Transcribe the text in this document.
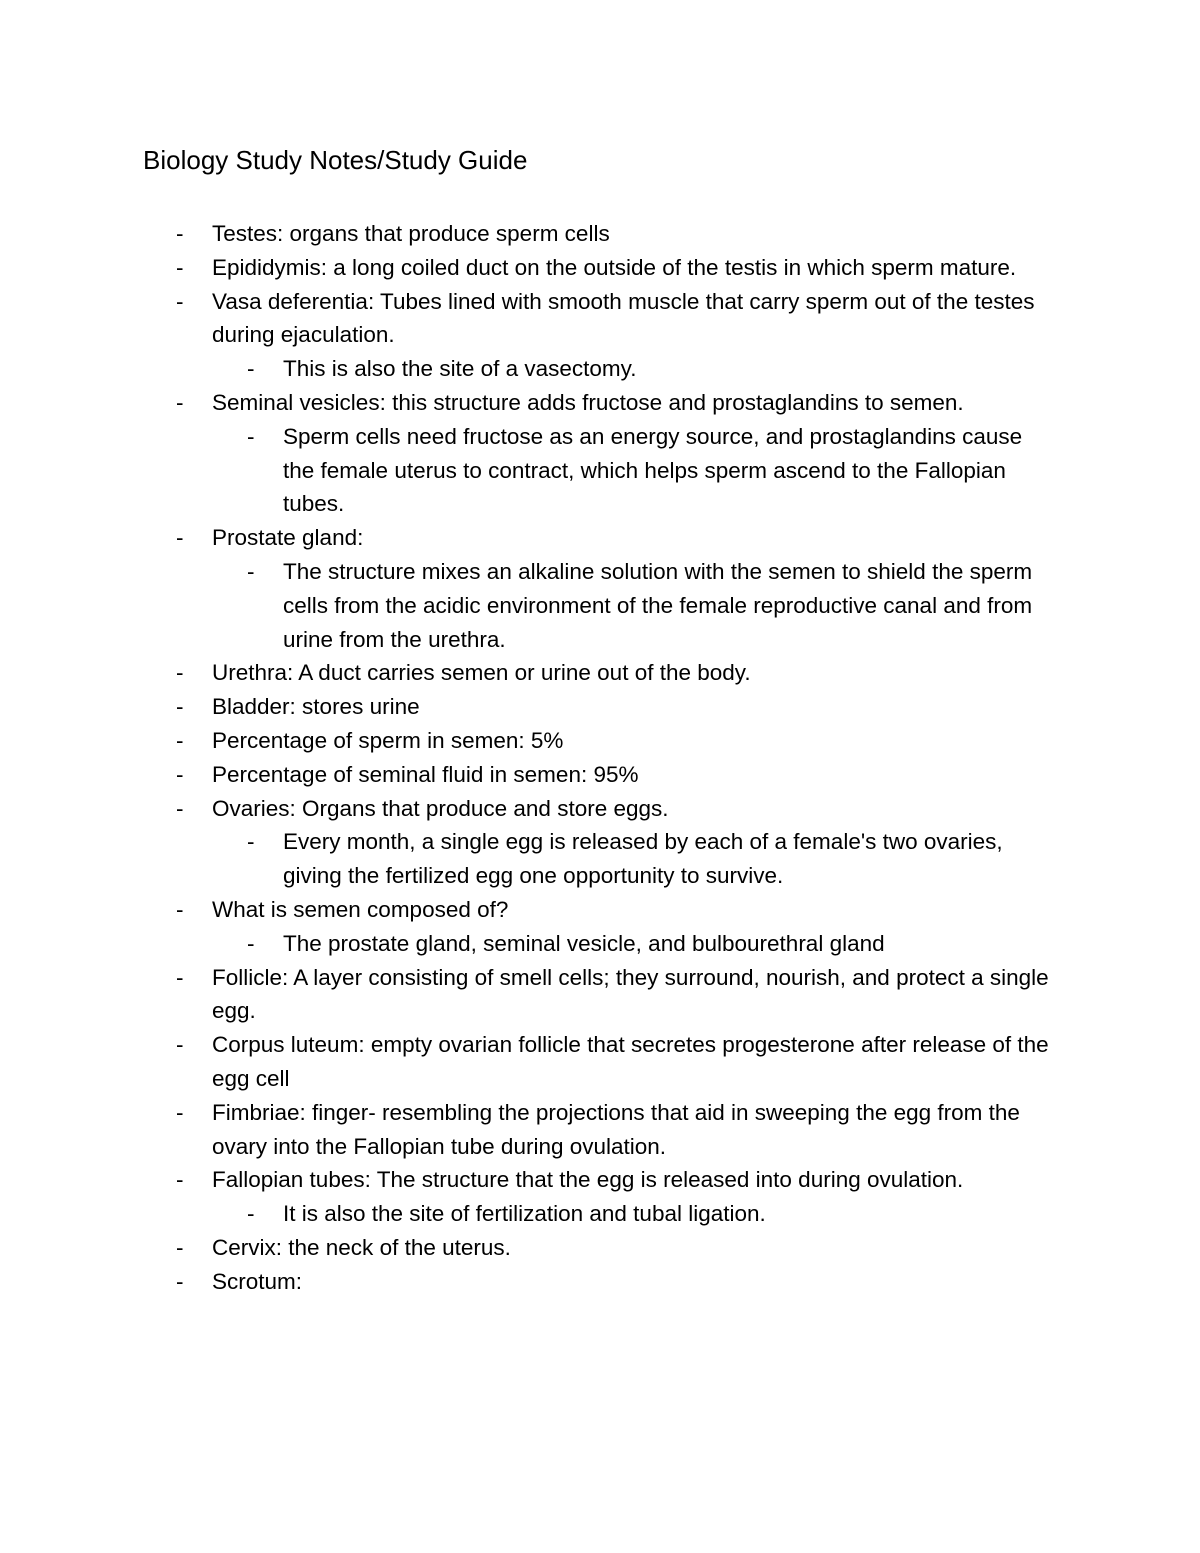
Biology Study Notes/Study Guide
- Testes: organs that produce sperm cells
- Epididymis: a long coiled duct on the outside of the testis in which sperm mature.
- Vasa deferentia: Tubes lined with smooth muscle that carry sperm out of the testes during ejaculation.
- This is also the site of a vasectomy.
- Seminal vesicles: this structure adds fructose and prostaglandins to semen.
- Sperm cells need fructose as an energy source, and prostaglandins cause the female uterus to contract, which helps sperm ascend to the Fallopian tubes.
- Prostate gland:
- The structure mixes an alkaline solution with the semen to shield the sperm cells from the acidic environment of the female reproductive canal and from urine from the urethra.
- Urethra: A duct carries semen or urine out of the body.
- Bladder: stores urine
- Percentage of sperm in semen: 5%
- Percentage of seminal fluid in semen: 95%
- Ovaries: Organs that produce and store eggs.
- Every month, a single egg is released by each of a female's two ovaries, giving the fertilized egg one opportunity to survive.
- What is semen composed of?
- The prostate gland, seminal vesicle, and bulbourethral gland
- Follicle: A layer consisting of smell cells; they surround, nourish, and protect a single egg.
- Corpus luteum: empty ovarian follicle that secretes progesterone after release of the egg cell
- Fimbriae: finger- resembling the projections that aid in sweeping the egg from the ovary into the Fallopian tube during ovulation.
- Fallopian tubes: The structure that the egg is released into during ovulation.
- It is also the site of fertilization and tubal ligation.
- Cervix: the neck of the uterus.
- Scrotum:
